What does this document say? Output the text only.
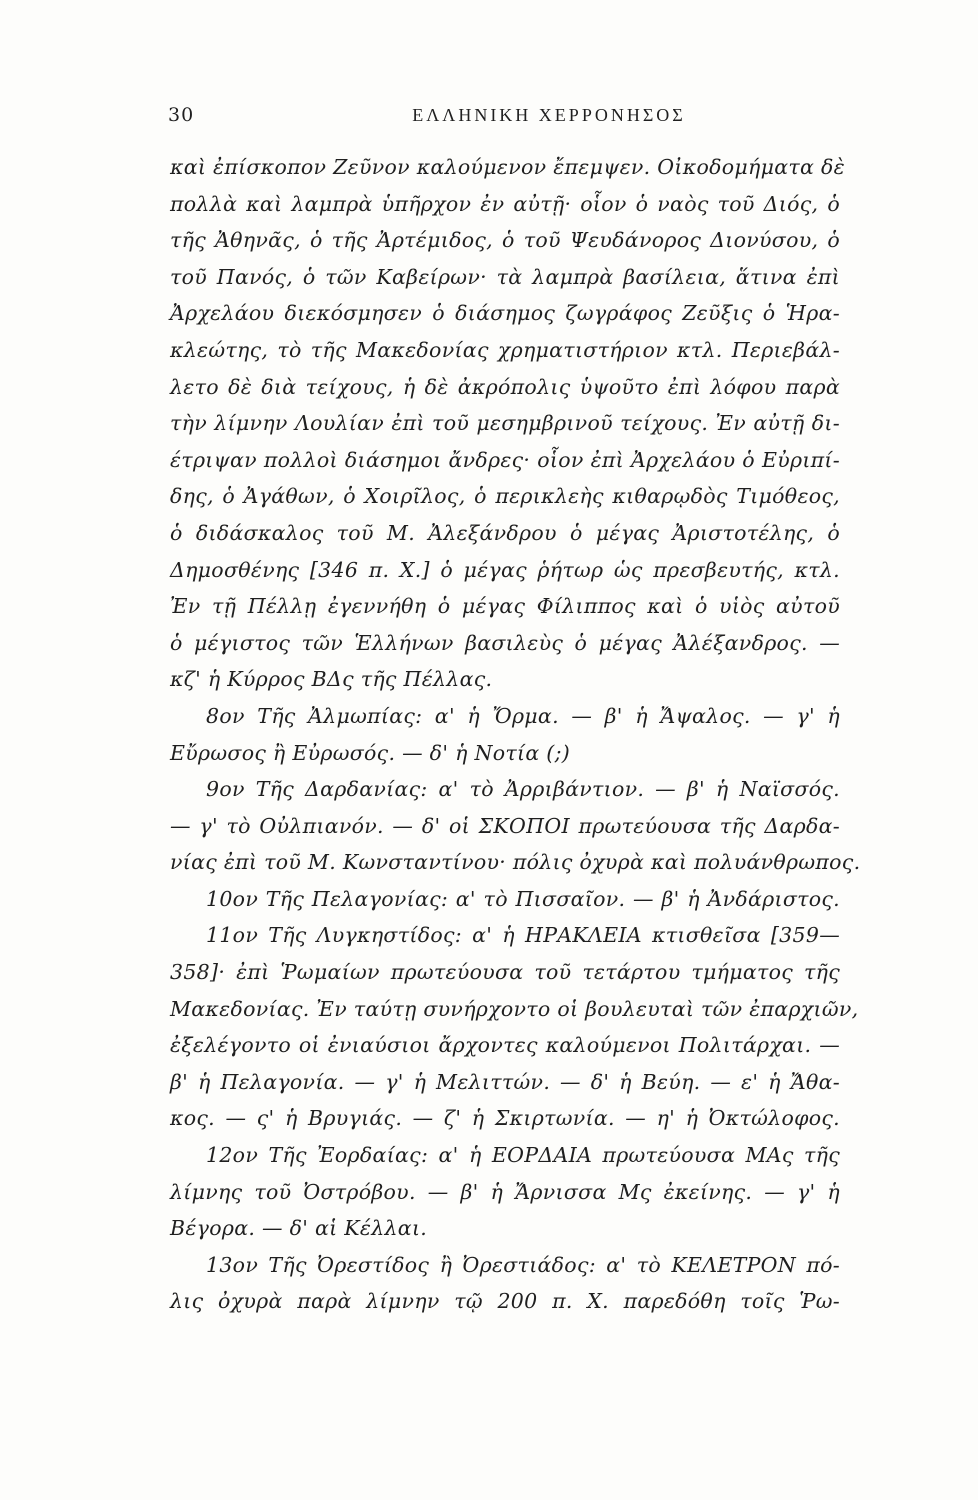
30	ΕΛΛΗΝΙΚΗ ΧΕΡΡΟΝΗΣΟΣ
καὶ ἐπίσκοπον Ζεῦνον καλούμενον ἔπεμψεν. Οἰκοδομήματα δὲ
πολλὰ καὶ λαμπρὰ ὑπῆρχον ἐν αὐτῇ· οἷον ὁ ναὸς τοῦ Διός, ὁ
τῆς Ἀθηνᾶς, ὁ τῆς Ἀρτέμιδος, ὁ τοῦ Ψευδάνορος Διονύσου, ὁ
τοῦ Πανός, ὁ τῶν Καβείρων· τὰ λαμπρὰ βασίλεια, ἅτινα ἐπὶ
Ἀρχελάου διεκόσμησεν ὁ διάσημος ζωγράφος Ζεῦξις ὁ Ἡρα-
κλεώτης, τὸ τῆς Μακεδονίας χρηματιστήριον κτλ. Περιεβάλ-
λετο δὲ διὰ τείχους, ἡ δὲ ἀκρόπολις ὑψοῦτο ἐπὶ λόφου παρὰ
τὴν λίμνην Λουλίαν ἐπὶ τοῦ μεσημβρινοῦ τείχους. Ἐν αὐτῇ δι-
έτριψαν πολλοὶ διάσημοι ἄνδρες· οἷον ἐπὶ Ἀρχελάου ὁ Εὐριπί-
δης, ὁ Ἀγάθων, ὁ Χοιρῖλος, ὁ περικλεὴς κιθαρῳδὸς Τιμόθεος,
ὁ διδάσκαλος τοῦ Μ. Ἀλεξάνδρου ὁ μέγας Ἀριστοτέλης, ὁ
Δημοσθένης [346 π. Χ.] ὁ μέγας ῥήτωρ ὡς πρεσβευτής, κτλ.
Ἐν τῇ Πέλλῃ ἐγεννήθη ὁ μέγας Φίλιππος καὶ ὁ υἱὸς αὐτοῦ
ὁ μέγιστος τῶν Ἑλλήνων βασιλεὺς ὁ μέγας Ἀλέξανδρος. —
κζ' ἡ Κύρρος ΒΔς τῆς Πέλλας.
8ον Τῆς Ἀλμωπίας: α' ἡ Ὄρμα. — β' ἡ Ἄψαλος. — γ' ἡ
Εὔρωσος ἢ Εὐρωσός. — δ' ἡ Νοτία (;)
9ον Τῆς Δαρδανίας: α' τὸ Ἀρριβάντιον. — β' ἡ Ναϊσσός.
— γ' τὸ Οὐλπιανόν. — δ' οἱ ΣΚΟΠΟΙ πρωτεύουσα τῆς Δαρδα-
νίας ἐπὶ τοῦ Μ. Κωνσταντίνου· πόλις ὀχυρὰ καὶ πολυάνθρωπος.
10ον Τῆς Πελαγονίας: α' τὸ Πισσαῖον. — β' ἡ Ἀνδάριστος.
11ον Τῆς Λυγκηστίδος: α' ἡ ΗΡΑΚΛΕΙΑ κτισθεῖσα [359—
358]· ἐπὶ Ῥωμαίων πρωτεύουσα τοῦ τετάρτου τμήματος τῆς
Μακεδονίας. Ἐν ταύτῃ συνήρχοντο οἱ βουλευταὶ τῶν ἐπαρχιῶν,
ἐξελέγοντο οἱ ἐνιαύσιοι ἄρχοντες καλούμενοι Πολιτάρχαι. —
β' ἡ Πελαγονία. — γ' ἡ Μελιττών. — δ' ἡ Βεύη. — ε' ἡ Ἄθα-
κος. — ς' ἡ Βρυγιάς. — ζ' ἡ Σκιρτωνία. — η' ἡ Ὀκτώλοφος.
12ον Τῆς Ἐορδαίας: α' ἡ ΕΟΡΔΑΙΑ πρωτεύουσα ΜΑς τῆς
λίμνης τοῦ Ὀστρόβου. — β' ἡ Ἄρνισσα Μς ἐκείνης. — γ' ἡ
Βέγορα. — δ' αἱ Κέλλαι.
13ον Τῆς Ὀρεστίδος ἢ Ὀρεστιάδος: α' τὸ ΚΕΛΕΤΡΟΝ πό-
λις ὀχυρὰ παρὰ λίμνην τῷ 200 π. Χ. παρεδόθη τοῖς Ῥω-
